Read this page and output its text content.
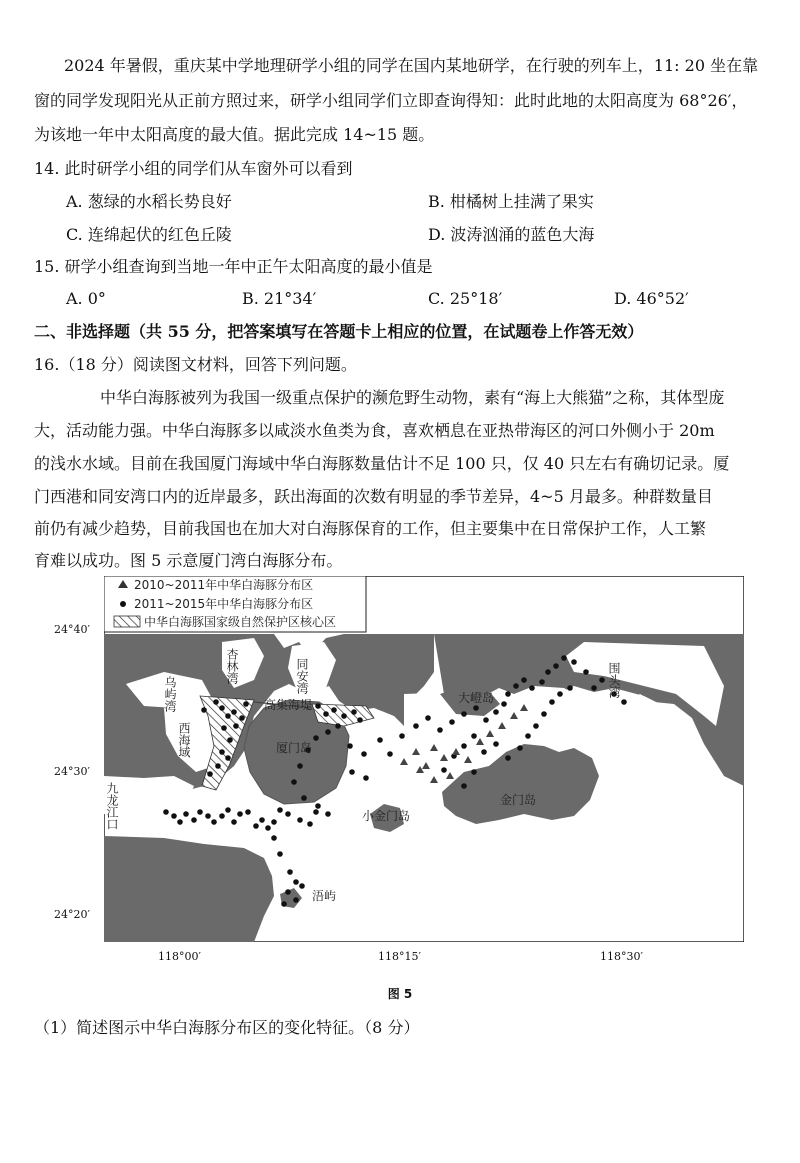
2024 年暑假，重庆某中学地理研学小组的同学在国内某地研学，在行驶的列车上，11: 20 坐在靠
窗的同学发现阳光从正前方照过来，研学小组同学们立即查询得知：此时此地的太阳高度为 68°26′，
为该地一年中太阳高度的最大值。据此完成 14~15 题。
14. 此时研学小组的同学们从车窗外可以看到
A. 葱绿的水稻长势良好	B. 柑橘树上挂满了果实
C. 连绵起伏的红色丘陵	D. 波涛汹涌的蓝色大海
15. 研学小组查询到当地一年中正午太阳高度的最小值是
A. 0°	B. 21°34′	C. 25°18′	D. 46°52′
二、非选择题（共 55 分，把答案填写在答题卡上相应的位置，在试题卷上作答无效）
16.（18 分）阅读图文材料，回答下列问题。
中华白海豚被列为我国一级重点保护的濒危野生动物，素有“海上大熊猫”之称，其体型庞
大，活动能力强。中华白海豚多以咸淡水鱼类为食，喜欢栖息在亚热带海区的河口外侧小于 20m
的浅水水域。目前在我国厦门海域中华白海豚数量估计不足 100 只，仅 40 只左右有确切记录。厦
门西港和同安湾口内的近岸最多，跃出海面的次数有明显的季节差异，4~5 月最多。种群数量目
前仍有减少趋势，目前我国也在加大对白海豚保育的工作，但主要集中在日常保护工作，人工繁
育难以成功。图 5 示意厦门湾白海豚分布。
2010~2011年中华白海豚分布区
2011~2015年中华白海豚分布区
中华白海豚国家级自然保护区核心区
乌屿湾
杏林湾	同安湾
西海域
高集海堤
厦门岛
大嶝岛	围头湾
九龙江口	小金门岛
金门岛
浯屿
24°40′
24°30′
24°20′
118°00′	118°15′	118°30′
图 5
（1）简述图示中华白海豚分布区的变化特征。（8 分）
